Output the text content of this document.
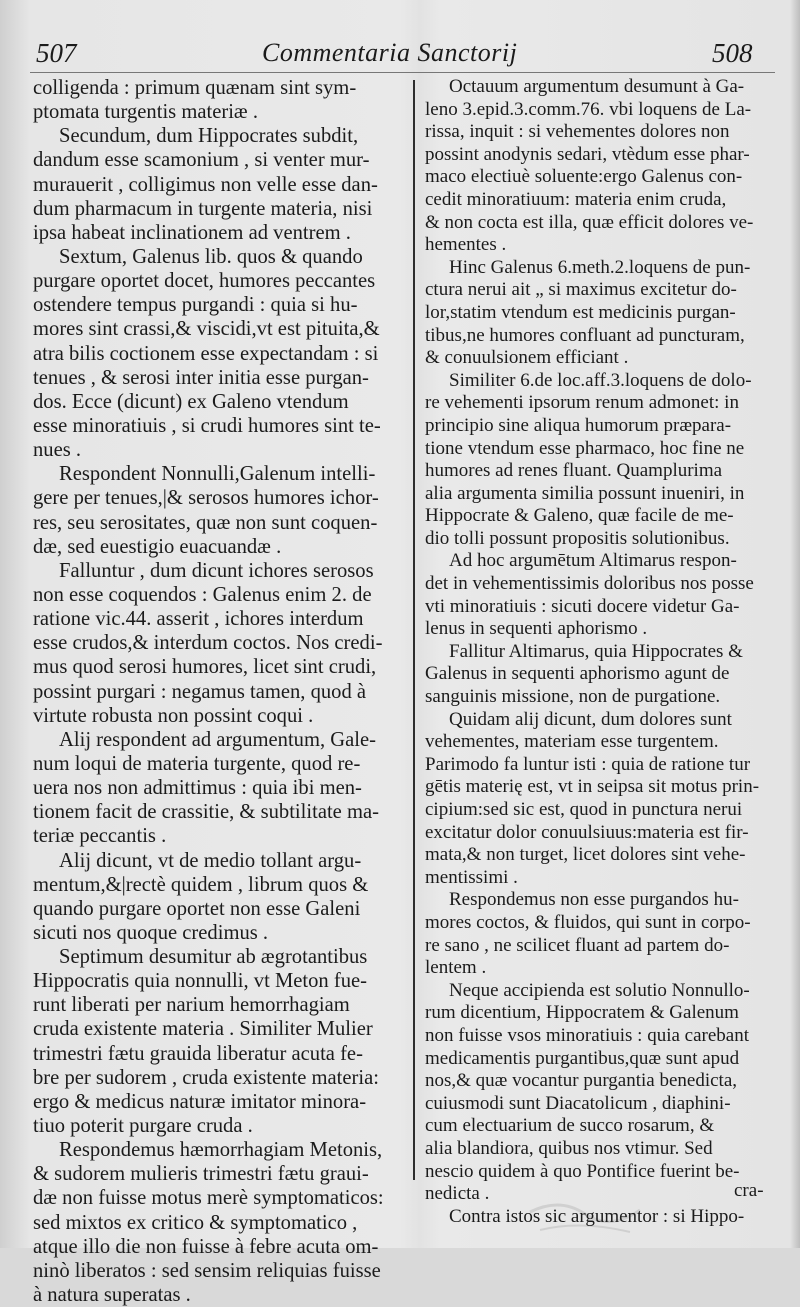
507	Commentaria Sanctorij	508
colligenda : primum quænam sint sym-
ptomata turgentis materiæ .
Secundum, dum Hippocrates subdit,
dandum esse scamonium , si venter mur-
murauerit , colligimus non velle esse dan-
dum pharmacum in turgente materia, nisi
ipsa habeat inclinationem ad ventrem .
Sextum, Galenus lib. quos & quando
purgare oportet docet, humores peccantes
ostendere tempus purgandi : quia si hu-
mores sint crassi,& viscidi,vt est pituita,&
atra bilis coctionem esse expectandam : si
tenues , & serosi inter initia esse purgan-
dos. Ecce (dicunt) ex Galeno vtendum
esse minoratiuis , si crudi humores sint te-
nues .
Respondent Nonnulli,Galenum intelli-
gere per tenues,|& serosos humores ichor-
res, seu serositates, quæ non sunt coquen-
dæ, sed euestigio euacuandæ .
Falluntur , dum dicunt ichores serosos
non esse coquendos : Galenus enim 2. de
ratione vic.44. asserit , ichores interdum
esse crudos,& interdum coctos. Nos credi-
mus quod serosi humores, licet sint crudi,
possint purgari : negamus tamen, quod à
virtute robusta non possint coqui .
Alij respondent ad argumentum, Gale-
num loqui de materia turgente, quod re-
uera nos non admittimus : quia ibi men-
tionem facit de crassitie, & subtilitate ma-
teriæ peccantis .
Alij dicunt, vt de medio tollant argu-
mentum,&|rectè quidem , librum quos &
quando purgare oportet non esse Galeni
sicuti nos quoque credimus .
Septimum desumitur ab ægrotantibus
Hippocratis quia nonnulli, vt Meton fue-
runt liberati per narium hemorrhagiam
cruda existente materia . Similiter Mulier
trimestri fætu grauida liberatur acuta fe-
bre per sudorem , cruda existente materia:
ergo & medicus naturæ imitator minora-
tiuo poterit purgare cruda .
Respondemus hæmorrhagiam Metonis,
& sudorem mulieris trimestri fætu graui-
dæ non fuisse motus merè symptomaticos:
sed mixtos ex critico & symptomatico ,
atque illo die non fuisse à febre acuta om-
ninò liberatos : sed sensim reliquias fuisse
à natura superatas .
Octauum argumentum desumunt à Ga-
leno 3.epid.3.comm.76. vbi loquens de La-
rissa, inquit : si vehementes dolores non
possint anodynis sedari, vtèdum esse phar-
maco electiuè soluente:ergo Galenus con-
cedit minoratiuum: materia enim cruda,
& non cocta est illa, quæ efficit dolores ve-
hementes .
Hinc Galenus 6.meth.2.loquens de pun-
ctura nerui ait „ si maximus excitetur do-
lor,statim vtendum est medicinis purgan-
tibus,ne humores confluant ad puncturam,
& conuulsionem efficiant .
Similiter 6.de loc.aff.3.loquens de dolo-
re vehementi ipsorum renum admonet: in
principio sine aliqua humorum præpara-
tione vtendum esse pharmaco, hoc fine ne
humores ad renes fluant. Quamplurima
alia argumenta similia possunt inueniri, in
Hippocrate & Galeno, quæ facile de me-
dio tolli possunt propositis solutionibus.
Ad hoc argumētum Altimarus respon-
det in vehementissimis doloribus nos posse
vti minoratiuis : sicuti docere videtur Ga-
lenus in sequenti aphorismo .
Fallitur Altimarus, quia Hippocrates &
Galenus in sequenti aphorismo agunt de
sanguinis missione, non de purgatione.
Quidam alij dicunt, dum dolores sunt
vehementes, materiam esse turgentem.
Parimodo fa luntur isti : quia de ratione tur
gētis materię est, vt in seipsa sit motus prin-
cipium:sed sic est, quod in punctura nerui
excitatur dolor conuulsiuus:materia est fir-
mata,& non turget, licet dolores sint vehe-
mentissimi .
Respondemus non esse purgandos hu-
mores coctos, & fluidos, qui sunt in corpo-
re sano , ne scilicet fluant ad partem do-
lentem .
Neque accipienda est solutio Nonnullo-
rum dicentium, Hippocratem & Galenum
non fuisse vsos minoratiuis : quia carebant
medicamentis purgantibus,quæ sunt apud
nos,& quæ vocantur purgantia benedicta,
cuiusmodi sunt Diacatolicum , diaphini-
cum electuarium de succo rosarum, &
alia blandiora, quibus nos vtimur. Sed
nescio quidem à quo Pontifice fuerint be-
nedicta .
Contra istos sic argumentor : si Hippo-
cra-
